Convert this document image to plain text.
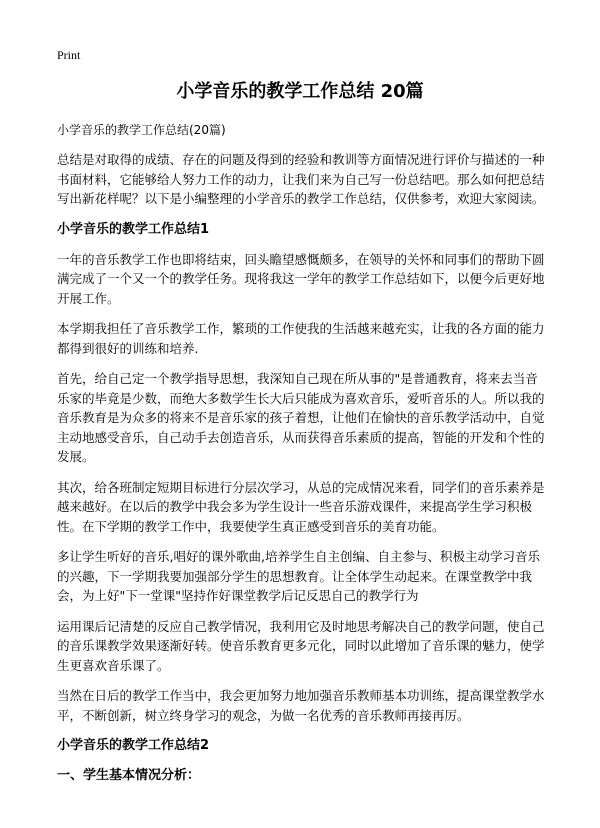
Print
小学音乐的教学工作总结 20篇
小学音乐的教学工作总结(20篇)
总结是对取得的成绩、存在的问题及得到的经验和教训等方面情况进行评价与描述的一种书面材料，它能够给人努力工作的动力，让我们来为自己写一份总结吧。那么如何把总结写出新花样呢？以下是小编整理的小学音乐的教学工作总结，仅供参考，欢迎大家阅读。
小学音乐的教学工作总结1
一年的音乐教学工作也即将结束，回头瞻望感慨颇多，在领导的关怀和同事们的帮助下圆满完成了一个又一个的教学任务。现将我这一学年的教学工作总结如下，以便今后更好地开展工作。
本学期我担任了音乐教学工作，繁琐的工作使我的生活越来越充实，让我的各方面的能力都得到很好的训练和培养.
首先，给自己定一个教学指导思想，我深知自己现在所从事的"是普通教育，将来去当音乐家的毕竟是少数，而绝大多数学生长大后只能成为喜欢音乐，爱听音乐的人。所以我的音乐教育是为众多的将来不是音乐家的孩子着想，让他们在愉快的音乐教学活动中，自觉主动地感受音乐，自己动手去创造音乐，从而获得音乐素质的提高，智能的开发和个性的发展。
其次，给各班制定短期目标进行分层次学习，从总的完成情况来看，同学们的音乐素养是越来越好。在以后的教学中我会多为学生设计一些音乐游戏课件，来提高学生学习积极性。在下学期的教学工作中，我要使学生真正感受到音乐的美育功能。
多让学生听好的音乐,唱好的课外歌曲,培养学生自主创编、自主参与、积极主动学习音乐的兴趣，下一学期我要加强部分学生的思想教育。让全体学生动起来。在课堂教学中我会，为上好"下一堂课"坚持作好课堂教学后记反思自己的教学行为
运用课后记清楚的反应自己教学情况，我利用它及时地思考解决自己的教学问题，使自己的音乐课教学效果逐渐好转。使音乐教育更多元化，同时以此增加了音乐课的魅力，使学生更喜欢音乐课了。
当然在日后的教学工作当中，我会更加努力地加强音乐教师基本功训练，提高课堂教学水平，不断创新，树立终身学习的观念，为做一名优秀的音乐教师再接再厉。
小学音乐的教学工作总结2
一、学生基本情况分析：
